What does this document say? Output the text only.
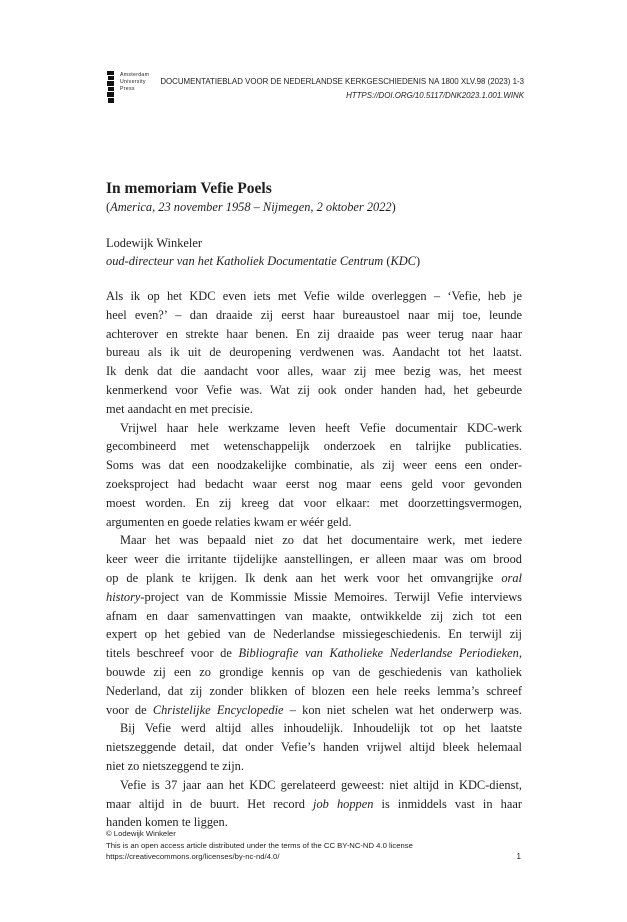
Amsterdam
University
Press
DOCUMENTATIEBLAD VOOR DE NEDERLANDSE KERKGESCHIEDENIS NA 1800 XLV.98 (2023) 1-3
HTTPS://DOI.ORG/10.5117/DNK2023.1.001.WINK
In memoriam Vefie Poels
(America, 23 november 1958 – Nijmegen, 2 oktober 2022)
Lodewijk Winkeler
oud-directeur van het Katholiek Documentatie Centrum (KDC)
Als ik op het KDC even iets met Vefie wilde overleggen – ‘Vefie, heb je
heel even?’ – dan draaide zij eerst haar bureaustoel naar mij toe, leunde
achterover en strekte haar benen. En zij draaide pas weer terug naar haar
bureau als ik uit de deuropening verdwenen was. Aandacht tot het laatst.
Ik denk dat die aandacht voor alles, waar zij mee bezig was, het meest
kenmerkend voor Vefie was. Wat zij ook onder handen had, het gebeurde
met aandacht en met precisie.
Vrijwel haar hele werkzame leven heeft Vefie documentair KDC-werk
gecombineerd met wetenschappelijk onderzoek en talrijke publicaties.
Soms was dat een noodzakelijke combinatie, als zij weer eens een onder-
zoeksproject had bedacht waar eerst nog maar eens geld voor gevonden
moest worden. En zij kreeg dat voor elkaar: met doorzettingsvermogen,
argumenten en goede relaties kwam er wéér geld.
Maar het was bepaald niet zo dat het documentaire werk, met iedere
keer weer die irritante tijdelijke aanstellingen, er alleen maar was om brood
op de plank te krijgen. Ik denk aan het werk voor het omvangrijke oral
history-project van de Kommissie Missie Memoires. Terwijl Vefie interviews
afnam en daar samenvattingen van maakte, ontwikkelde zij zich tot een
expert op het gebied van de Nederlandse missiegeschiedenis. En terwijl zij
titels beschreef voor de Bibliografie van Katholieke Nederlandse Periodieken,
bouwde zij een zo grondige kennis op van de geschiedenis van katholiek
Nederland, dat zij zonder blikken of blozen een hele reeks lemma’s schreef
voor de Christelijke Encyclopedie – kon niet schelen wat het onderwerp was.
Bij Vefie werd altijd alles inhoudelijk. Inhoudelijk tot op het laatste
nietszeggende detail, dat onder Vefie’s handen vrijwel altijd bleek helemaal
niet zo nietszeggend te zijn.
Vefie is 37 jaar aan het KDC gerelateerd geweest: niet altijd in KDC-dienst,
maar altijd in de buurt. Het record job hoppen is inmiddels vast in haar
handen komen te liggen.
© Lodewijk Winkeler
This is an open access article distributed under the terms of the CC BY-NC-ND 4.0 license
https://creativecommons.org/licenses/by-nc-nd/4.0/	1
